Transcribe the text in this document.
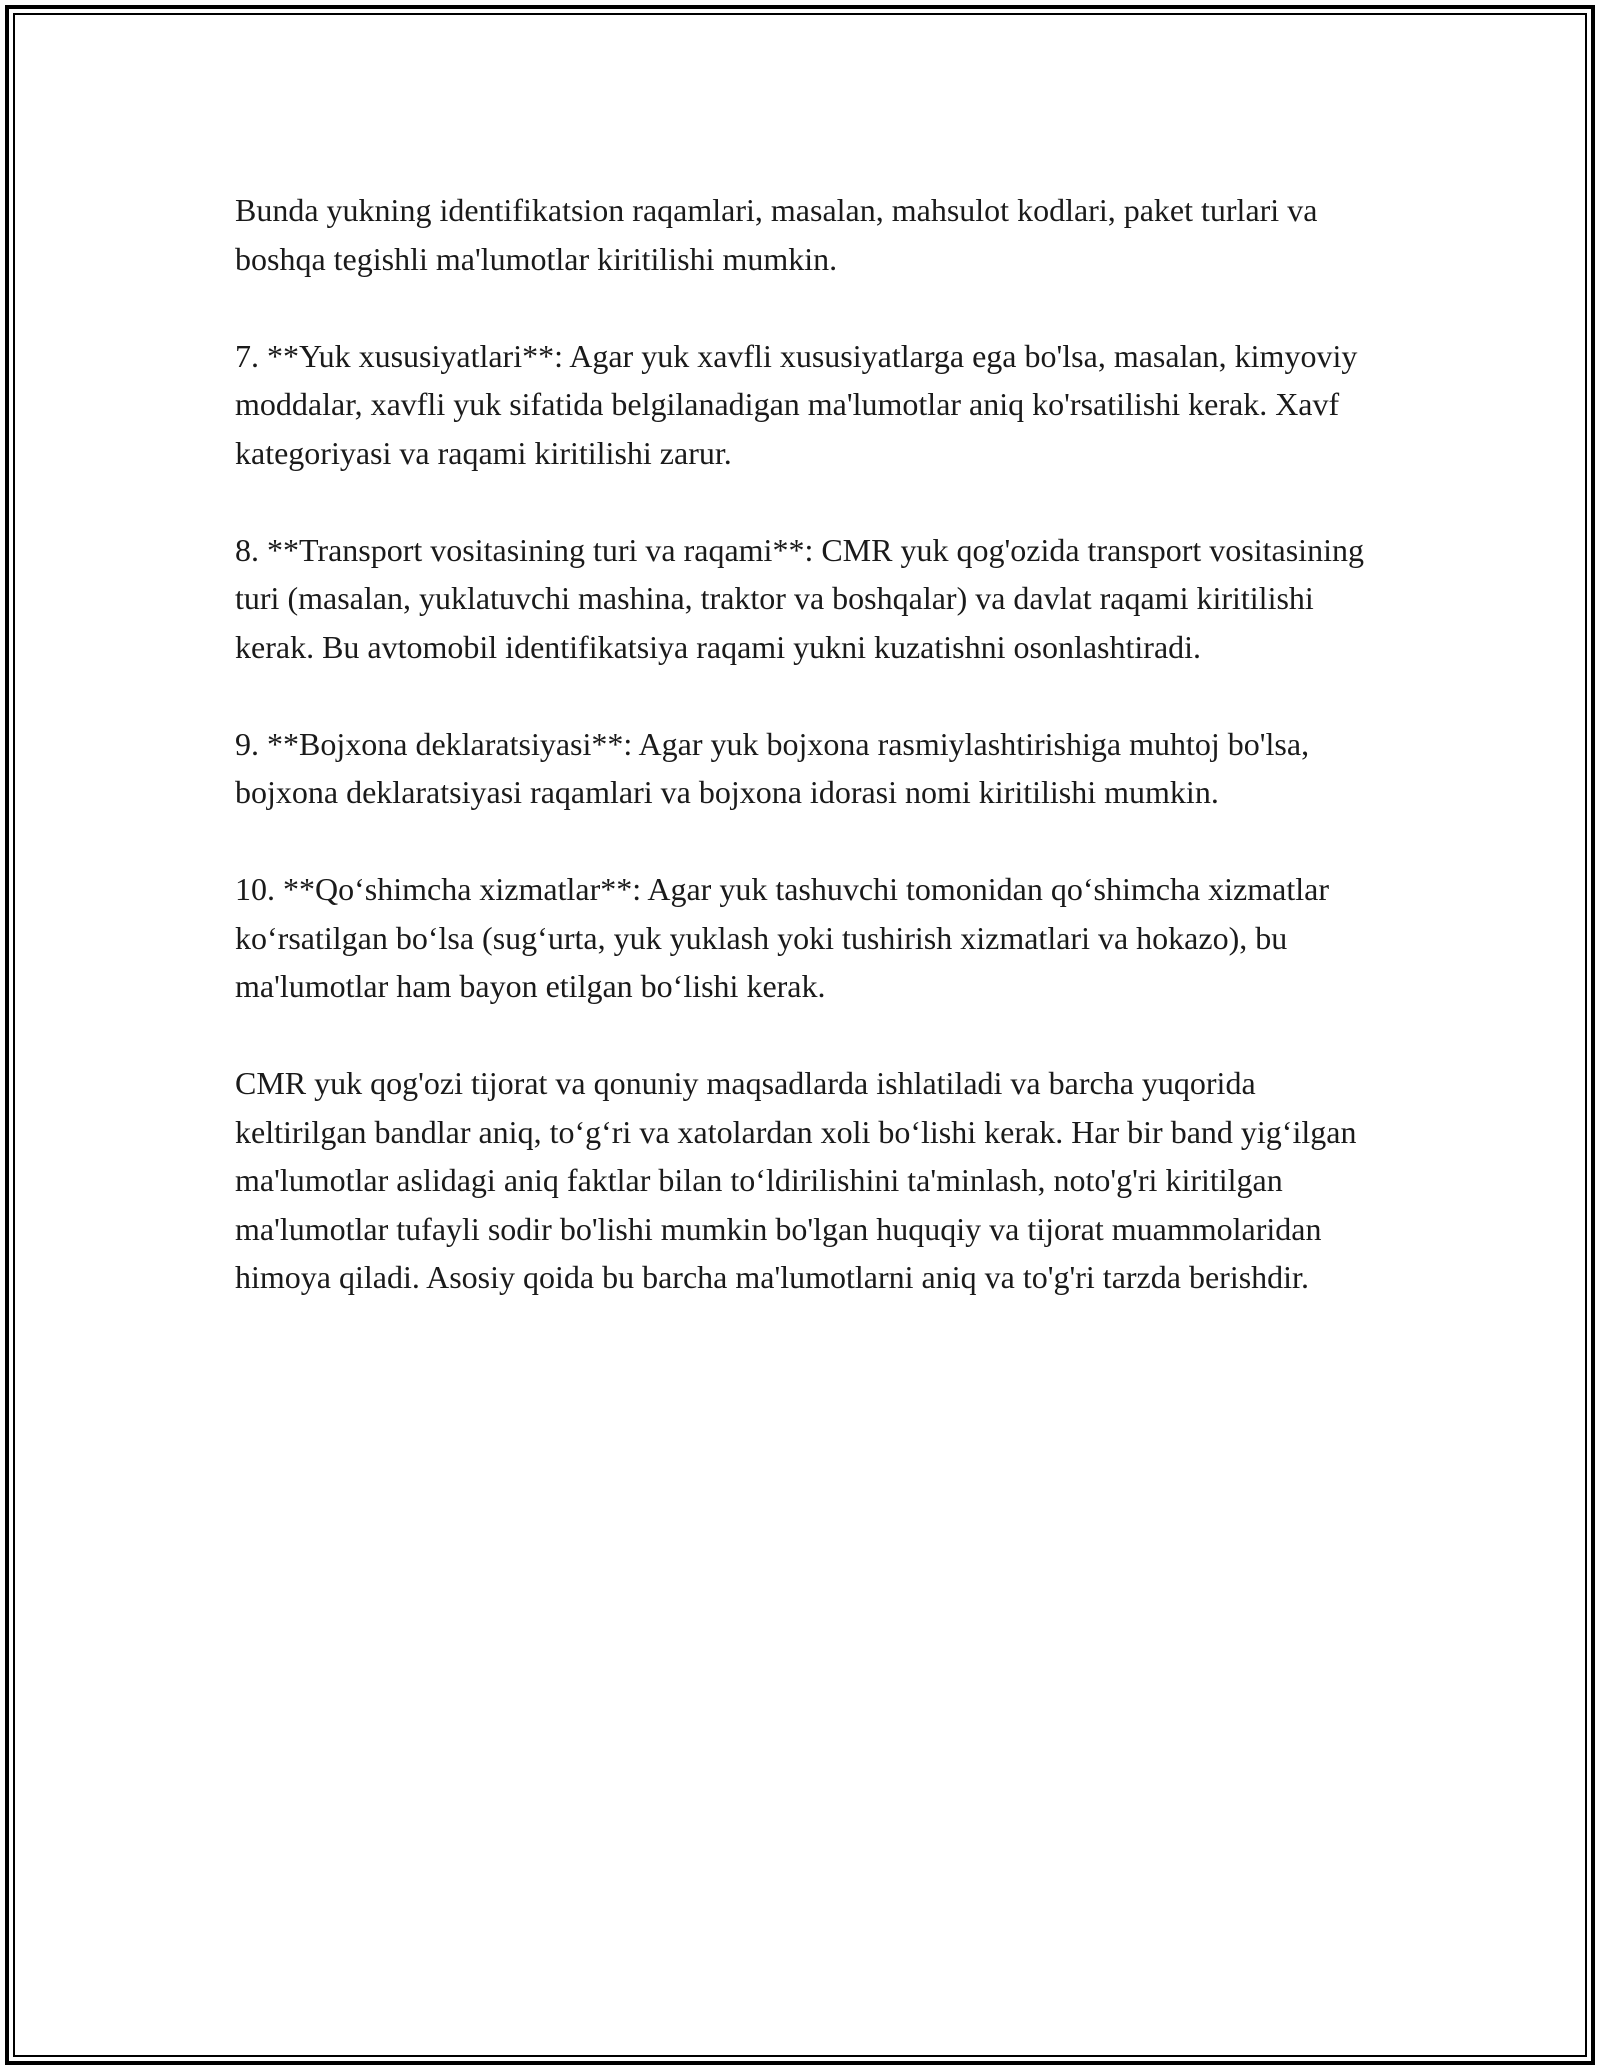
Bunda yukning identifikatsion raqamlari, masalan, mahsulot kodlari, paket turlari va boshqa tegishli ma'lumotlar kiritilishi mumkin.

7. **Yuk xususiyatlari**: Agar yuk xavfli xususiyatlarga ega bo'lsa, masalan, kimyoviy moddalar, xavfli yuk sifatida belgilanadigan ma'lumotlar aniq ko'rsatilishi kerak. Xavf kategoriyasi va raqami kiritilishi zarur.

8. **Transport vositasining turi va raqami**: CMR yuk qog'ozida transport vositasining turi (masalan, yuklatuvchi mashina, traktor va boshqalar) va davlat raqami kiritilishi kerak. Bu avtomobil identifikatsiya raqami yukni kuzatishni osonlashtiradi.

9. **Bojxona deklaratsiyasi**: Agar yuk bojxona rasmiylashtirishiga muhtoj bo'lsa, bojxona deklaratsiyasi raqamlari va bojxona idorasi nomi kiritilishi mumkin.

10. **Qo‘shimcha xizmatlar**: Agar yuk tashuvchi tomonidan qo‘shimcha xizmatlar ko‘rsatilgan bo‘lsa (sug‘urta, yuk yuklash yoki tushirish xizmatlari va hokazo), bu ma'lumotlar ham bayon etilgan bo‘lishi kerak.

CMR yuk qog'ozi tijorat va qonuniy maqsadlarda ishlatiladi va barcha yuqorida keltirilgan bandlar aniq, to‘g‘ri va xatolardan xoli bo‘lishi kerak. Har bir band yig‘ilgan ma'lumotlar aslidagi aniq faktlar bilan to‘ldirilishini ta'minlash, noto'g'ri kiritilgan ma'lumotlar tufayli sodir bo'lishi mumkin bo'lgan huquqiy va tijorat muammolaridan himoya qiladi. Asosiy qoida bu barcha ma'lumotlarni aniq va to'g'ri tarzda berishdir.
